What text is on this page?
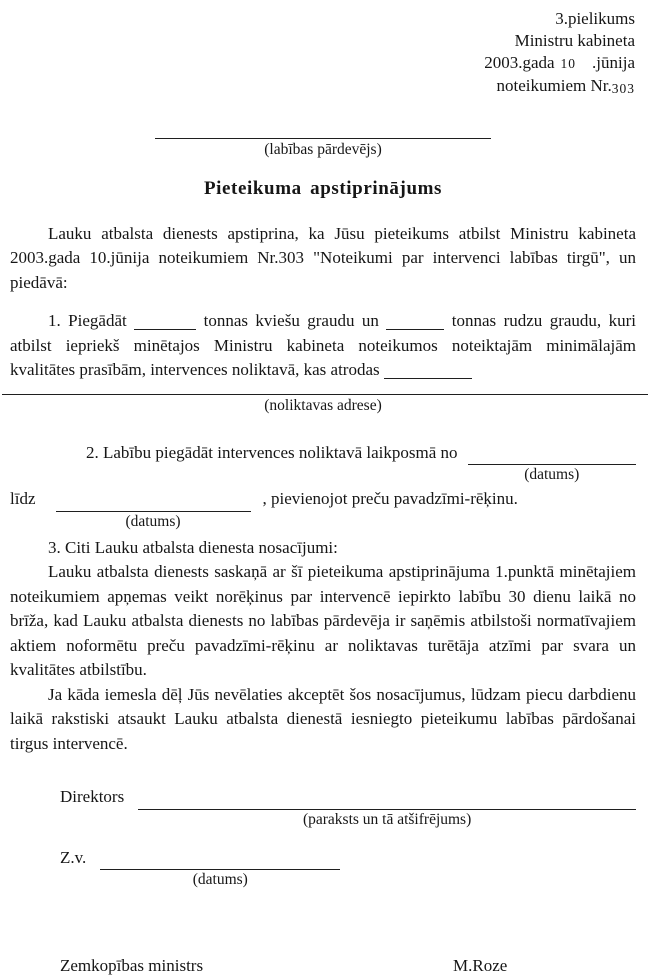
3.pielikums
Ministru kabineta
2003.gada 10 .jūnija
noteikumiem Nr.303
(labības pārdevējs)
Pieteikuma apstiprinājums

Lauku atbalsta dienests apstiprina, ka Jūsu pieteikums atbilst Ministru kabineta 2003.gada 10.jūnija noteikumiem Nr.303 "Noteikumi par intervenci labības tirgū", un piedāvā:

1. Piegādāt	tonnas kviešu graudu un	tonnas rudzu graudu, kuri atbilst iepriekš minētajos Ministru kabineta noteikumos noteiktajām minimālajām kvalitātes prasībām, intervences noliktavā, kas atrodas

(noliktavas adrese)
2. Labību piegādāt intervences noliktavā laikposmā no
(datums)
līdz
(datums)
, pievienojot preču pavadzīmi-rēķinu.
3. Citi Lauku atbalsta dienesta nosacījumi:

Lauku atbalsta dienests saskaņā ar šī pieteikuma apstiprinājuma 1.punktā minētajiem noteikumiem apņemas veikt norēķinus par intervencē iepirkto labību 30 dienu laikā no brīža, kad Lauku atbalsta dienests no labības pārdevēja ir saņēmis atbilstoši normatīvajiem aktiem noformētu preču pavadzīmi-rēķinu ar noliktavas turētāja atzīmi par svara un kvalitātes atbilstību.

Ja kāda iemesla dēļ Jūs nevēlaties akceptēt šos nosacījumus, lūdzam piecu darbdienu laikā rakstiski atsaukt Lauku atbalsta dienestā iesniegto pieteikumu labības pārdošanai tirgus intervencē.

Direktors
(paraksts un tā atšifrējums)
Z.v.
(datums)
Zemkopības ministrs	M.Roze
